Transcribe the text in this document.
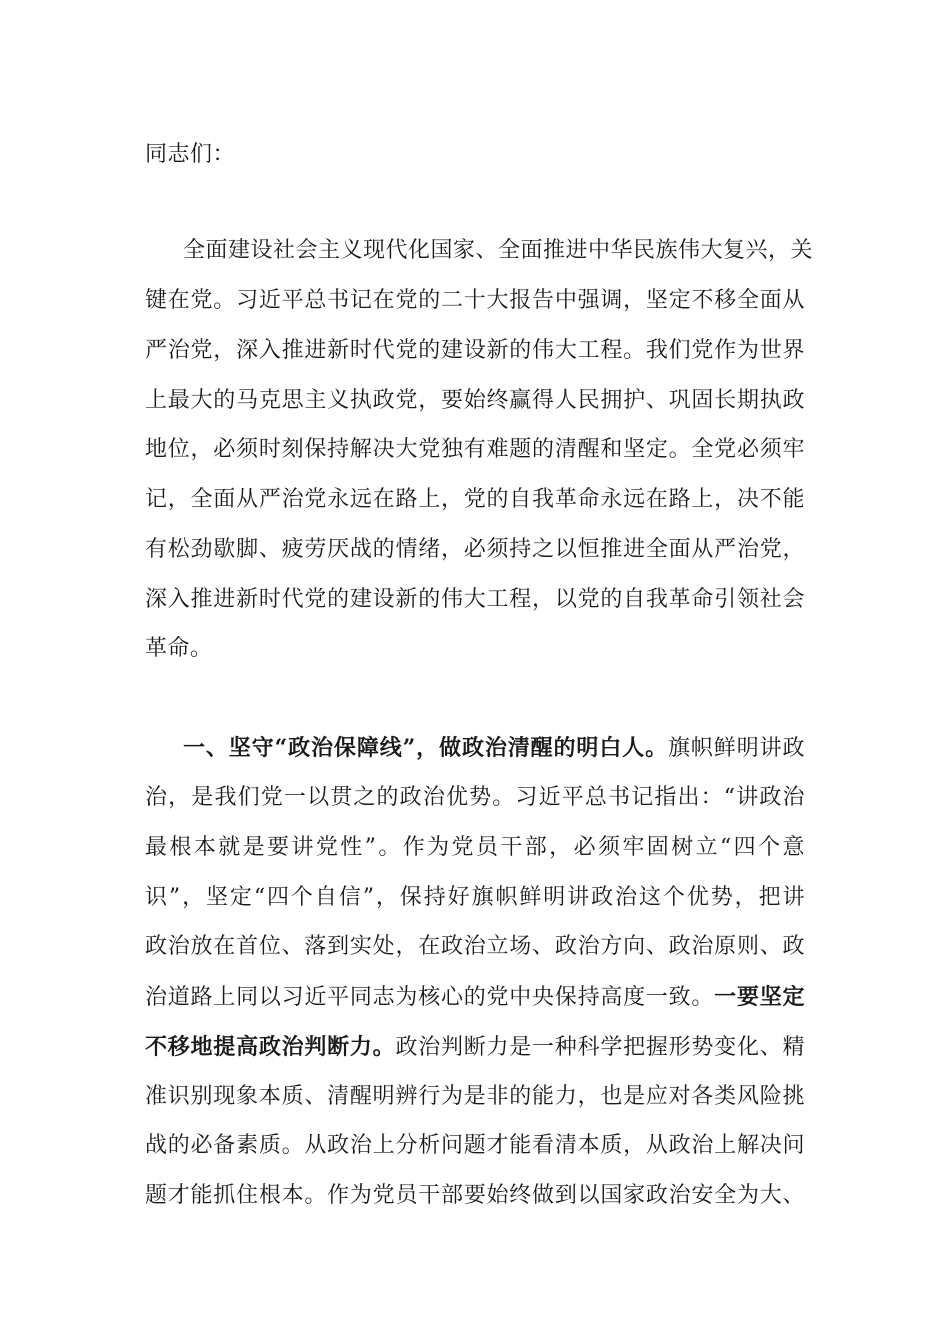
同志们：
全面建设社会主义现代化国家、全面推进中华民族伟大复兴，关
键在党。习近平总书记在党的二十大报告中强调，坚定不移全面从
严治党，深入推进新时代党的建设新的伟大工程。我们党作为世界
上最大的马克思主义执政党，要始终赢得人民拥护、巩固长期执政
地位，必须时刻保持解决大党独有难题的清醒和坚定。全党必须牢
记，全面从严治党永远在路上，党的自我革命永远在路上，决不能
有松劲歇脚、疲劳厌战的情绪，必须持之以恒推进全面从严治党，
深入推进新时代党的建设新的伟大工程，以党的自我革命引领社会
革命。
一、坚守“政治保障线”，做政治清醒的明白人。旗帜鲜明讲政
治，是我们党一以贯之的政治优势。习近平总书记指出：“讲政治
最根本就是要讲党性”。作为党员干部，必须牢固树立“四个意
识”，坚定“四个自信”，保持好旗帜鲜明讲政治这个优势，把讲
政治放在首位、落到实处，在政治立场、政治方向、政治原则、政
治道路上同以习近平同志为核心的党中央保持高度一致。一要坚定
不移地提高政治判断力。政治判断力是一种科学把握形势变化、精
准识别现象本质、清醒明辨行为是非的能力，也是应对各类风险挑
战的必备素质。从政治上分析问题才能看清本质，从政治上解决问
题才能抓住根本。作为党员干部要始终做到以国家政治安全为大、
